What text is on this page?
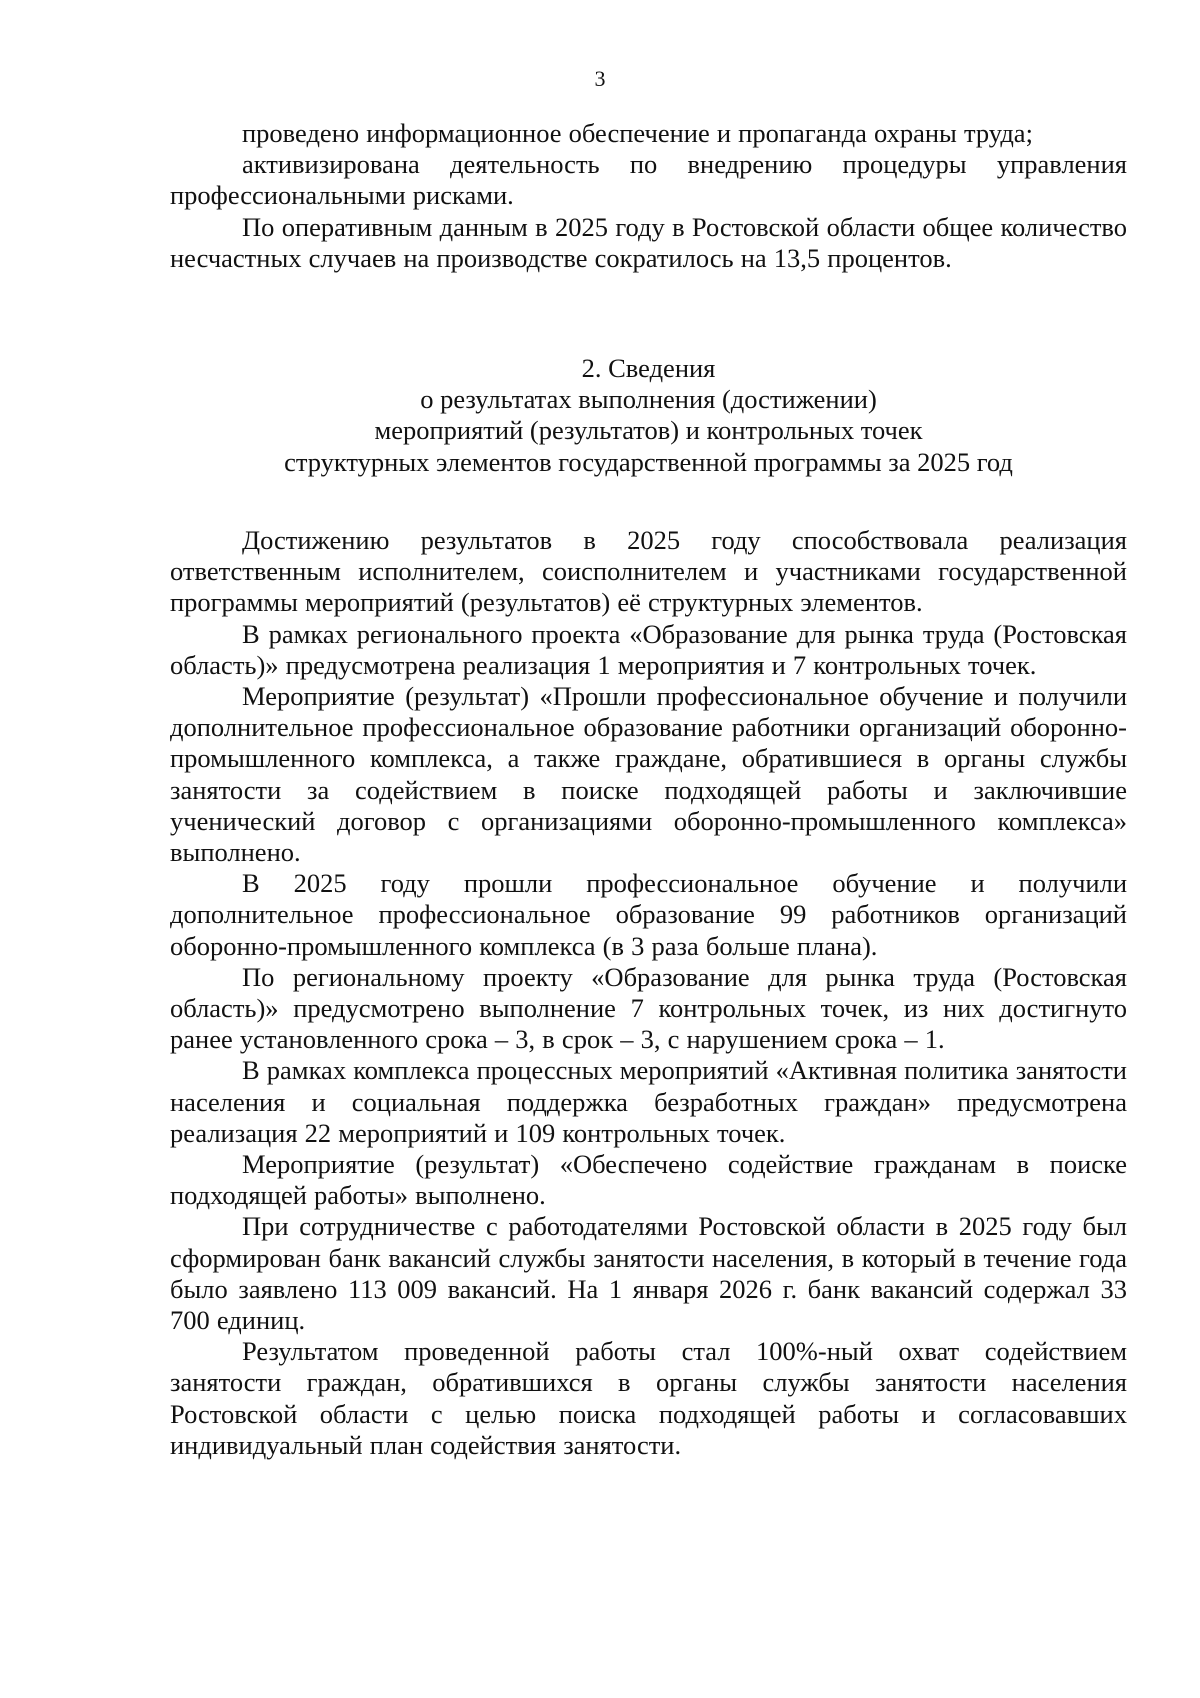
3

проведено информационное обеспечение и пропаганда охраны труда;

активизирована деятельность по внедрению процедуры управления профессиональными рисками.

По оперативным данным в 2025 году в Ростовской области общее количество несчастных случаев на производстве сократилось на 13,5 процентов.

2. Сведения
о результатах выполнения (достижении)
мероприятий (результатов) и контрольных точек
структурных элементов государственной программы за 2025 год

Достижению результатов в 2025 году способствовала реализация ответственным исполнителем, соисполнителем и участниками государственной программы мероприятий (результатов) её структурных элементов.

В рамках регионального проекта «Образование для рынка труда (Ростовская область)» предусмотрена реализация 1 мероприятия и 7 контрольных точек.

Мероприятие (результат) «Прошли профессиональное обучение и получили дополнительное профессиональное образование работники организаций оборонно-промышленного комплекса, а также граждане, обратившиеся в органы службы занятости за содействием в поиске подходящей работы и заключившие ученический договор с организациями оборонно-промышленного комплекса» выполнено.

В 2025 году прошли профессиональное обучение и получили дополнительное профессиональное образование 99 работников организаций оборонно-промышленного комплекса (в 3 раза больше плана).

По региональному проекту «Образование для рынка труда (Ростовская область)» предусмотрено выполнение 7 контрольных точек, из них достигнуто ранее установленного срока – 3, в срок – 3, с нарушением срока – 1.

В рамках комплекса процессных мероприятий «Активная политика занятости населения и социальная поддержка безработных граждан» предусмотрена реализация 22 мероприятий и 109 контрольных точек.

Мероприятие (результат) «Обеспечено содействие гражданам в поиске подходящей работы» выполнено.

При сотрудничестве с работодателями Ростовской области в 2025 году был сформирован банк вакансий службы занятости населения, в который в течение года было заявлено 113 009 вакансий. На 1 января 2026 г. банк вакансий содержал 33 700 единиц.

Результатом проведенной работы стал 100%-ный охват содействием занятости граждан, обратившихся в органы службы занятости населения Ростовской области с целью поиска подходящей работы и согласовавших индивидуальный план содействия занятости.
